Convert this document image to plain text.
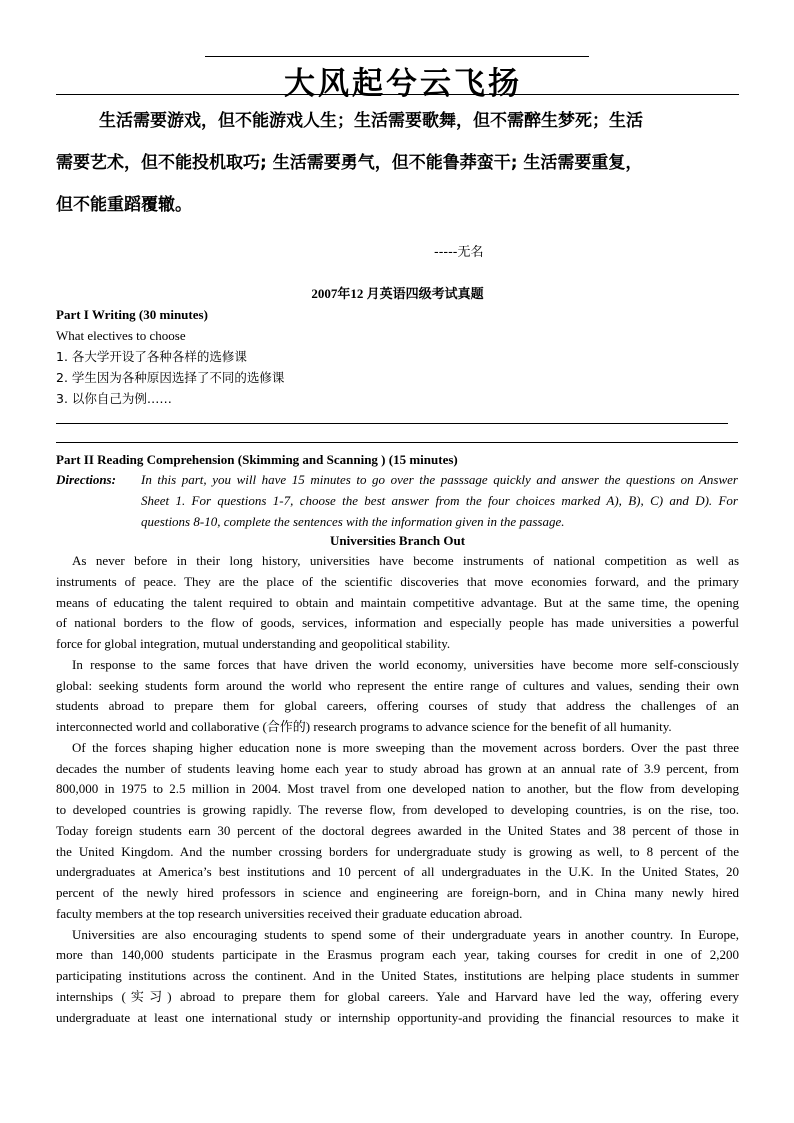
大风起兮云飞扬
生活需要游戏，但不能游戏人生；生活需要歌舞，但不需醉生梦死；生活
需要艺术，但不能投机取巧; 生活需要勇气，但不能鲁莽蛮干; 生活需要重复，
但不能重蹈覆辙。
-----无名
2007年12 月英语四级考试真题
Part I Writing (30 minutes)
What electives to choose
1. 各大学开设了各种各样的选修课
2. 学生因为各种原因选择了不同的选修课
3. 以你自己为例……
Part II Reading Comprehension (Skimming and Scanning ) (15 minutes)
Directions: In this part, you will have 15 minutes to go over the passsage quickly and answer the questions on Answer
Sheet 1. For questions 1-7, choose the best answer from the four choices marked A), B), C) and D). For
questions 8-10, complete the sentences with the information given in the passage.
Universities Branch Out
As never before in their long history, universities have become instruments of national competition as well as
instruments of peace. They are the place of the scientific discoveries that move economies forward, and the primary
means of educating the talent required to obtain and maintain competitive advantage. But at the same time, the opening
of national borders to the flow of goods, services, information and especially people has made universities a powerful
force for global integration, mutual understanding and geopolitical stability.
In response to the same forces that have driven the world economy, universities have become more self-consciously
global: seeking students form around the world who represent the entire range of cultures and values, sending their own
students abroad to prepare them for global careers, offering courses of study that address the challenges of an
interconnected world and collaborative (合作的) research programs to advance science for the benefit of all humanity.
Of the forces shaping higher education none is more sweeping than the movement across borders. Over the past three
decades the number of students leaving home each year to study abroad has grown at an annual rate of 3.9 percent, from
800,000 in 1975 to 2.5 million in 2004. Most travel from one developed nation to another, but the flow from developing
to developed countries is growing rapidly. The reverse flow, from developed to developing countries, is on the rise, too.
Today foreign students earn 30 percent of the doctoral degrees awarded in the United States and 38 percent of those in
the United Kingdom. And the number crossing borders for undergraduate study is growing as well, to 8 percent of the
undergraduates at America’s best institutions and 10 percent of all undergraduates in the U.K. In the United States, 20
percent of the newly hired professors in science and engineering are foreign-born, and in China many newly hired
faculty members at the top research universities received their graduate education abroad.
Universities are also encouraging students to spend some of their undergraduate years in another country. In Europe,
more than 140,000 students participate in the Erasmus program each year, taking courses for credit in one of 2,200
participating institutions across the continent. And in the United States, institutions are helping place students in summer
internships (实习) abroad to prepare them for global careers. Yale and Harvard have led the way, offering every
undergraduate at least one international study or internship opportunity-and providing the financial resources to make it
